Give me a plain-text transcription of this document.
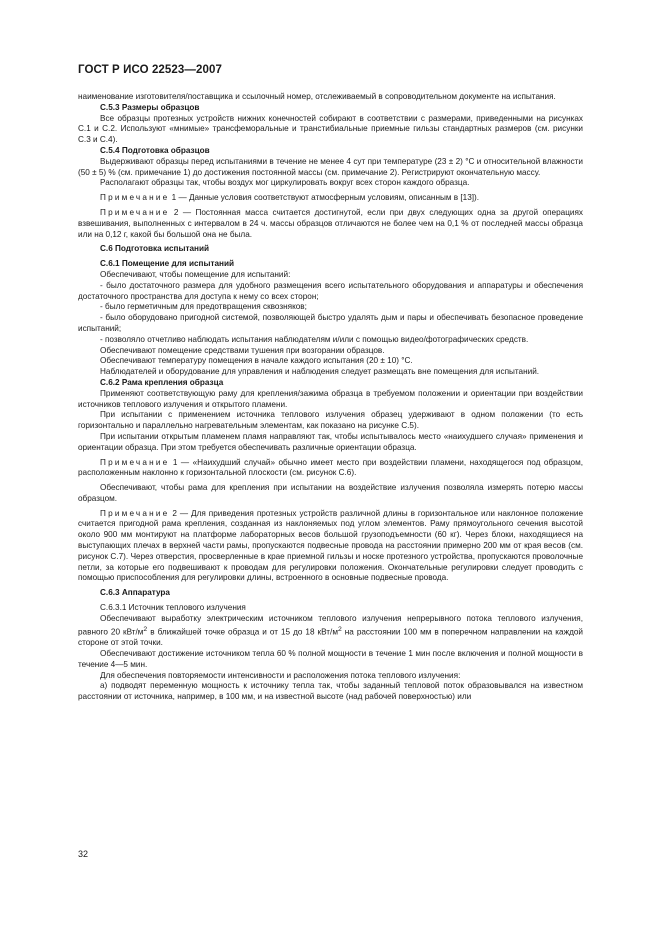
ГОСТ Р ИСО 22523—2007

наименование изготовителя/поставщика и ссылочный номер, отслеживаемый в сопроводительном документе на испытания.

С.5.3 Размеры образцов

Все образцы протезных устройств нижних конечностей собирают в соответствии с размерами, приведенными на рисунках С.1 и С.2. Используют «мнимые» трансфеморальные и транстибиальные приемные гильзы стандартных размеров (см. рисунки С.3 и С.4).

С.5.4 Подготовка образцов

Выдерживают образцы перед испытаниями в течение не менее 4 сут при температуре (23 ± 2) °С и относительной влажности (50 ± 5) % (см. примечание 1) до достижения постоянной массы (см. примечание 2). Регистрируют окончательную массу.

Располагают образцы так, чтобы воздух мог циркулировать вокруг всех сторон каждого образца.

Примечание 1 — Данные условия соответствуют атмосферным условиям, описанным в [13]).

Примечание 2 — Постоянная масса считается достигнутой, если при двух следующих одна за другой операциях взвешивания, выполненных с интервалом в 24 ч. массы образцов отличаются не более чем на 0,1 % от последней массы образца или на 0,12 г, какой бы большой она не была.

С.6 Подготовка испытаний

С.6.1 Помещение для испытаний

Обеспечивают, чтобы помещение для испытаний:

- было достаточного размера для удобного размещения всего испытательного оборудования и аппаратуры и обеспечения достаточного пространства для доступа к нему со всех сторон;

- было герметичным для предотвращения сквозняков;

- было оборудовано пригодной системой, позволяющей быстро удалять дым и пары и обеспечивать безопасное проведение испытаний;

- позволяло отчетливо наблюдать испытания наблюдателям и/или с помощью видео/фотографических средств.

Обеспечивают помещение средствами тушения при возгорании образцов.

Обеспечивают температуру помещения в начале каждого испытания (20 ± 10) °С.

Наблюдателей и оборудование для управления и наблюдения следует размещать вне помещения для испытаний.

С.6.2 Рама крепления образца

Применяют соответствующую раму для крепления/зажима образца в требуемом положении и ориентации при воздействии источников теплового излучения и открытого пламени.

При испытании с применением источника теплового излучения образец удерживают в одном положении (то есть горизонтально и параллельно нагревательным элементам, как показано на рисунке С.5).

При испытании открытым пламенем пламя направляют так, чтобы испытывалось место «наихудшего случая» применения и ориентации образца. При этом требуется обеспечивать различные ориентации образца.

Примечание 1 — «Наихудший случай» обычно имеет место при воздействии пламени, находящегося под образцом, расположенным наклонно к горизонтальной плоскости (см. рисунок С.6).

Обеспечивают, чтобы рама для крепления при испытании на воздействие излучения позволяла измерять потерю массы образцом.

Примечание 2 — Для приведения протезных устройств различной длины в горизонтальное или наклонное положение считается пригодной рама крепления, созданная из наклоняемых под углом элементов. Раму прямоугольного сечения высотой около 900 мм монтируют на платформе лабораторных весов большой грузоподъемности (60 кг). Через блоки, находящиеся на выступающих плечах в верхней части рамы, пропускаются подвесные провода на расстоянии примерно 200 мм от края весов (см. рисунок С.7). Через отверстия, просверленные в крае приемной гильзы и носке протезного устройства, пропускаются проволочные петли, за которые его подвешивают к проводам для регулировки положения. Окончательные регулировки следует проводить с помощью приспособления для регулировки длины, встроенного в основные подвесные провода.

С.6.3 Аппаратура

С.6.3.1 Источник теплового излучения

Обеспечивают выработку электрическим источником теплового излучения непрерывного потока теплового излучения, равного 20 кВт/$м^2$ в ближайшей точке образца и от 15 до 18 кВт/$м^2$ на расстоянии 100 мм в поперечном направлении на каждой стороне от этой точки.

Обеспечивают достижение источником тепла 60 % полной мощности в течение 1 мин после включения и полной мощности в течение 4—5 мин.

Для обеспечения повторяемости интенсивности и расположения потока теплового излучения:

а) подводят переменную мощность к источнику тепла так, чтобы заданный тепловой поток образовывался на известном расстоянии от источника, например, в 100 мм, и на известной высоте (над рабочей поверхностью) или

32
